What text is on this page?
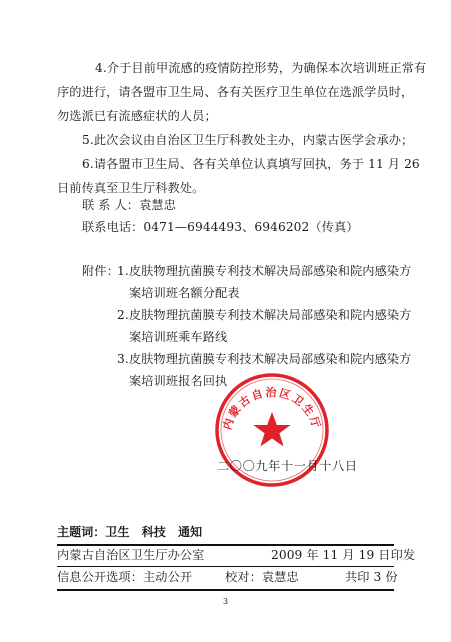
4.介于目前甲流感的疫情防控形势，为确保本次培训班正常有
序的进行，请各盟市卫生局、各有关医疗卫生单位在选派学员时，
勿选派已有流感症状的人员；
5.此次会议由自治区卫生厅科教处主办，内蒙古医学会承办；
6.请各盟市卫生局、各有关单位认真填写回执，务于 11 月 26
日前传真至卫生厅科教处。
联 系 人：袁慧忠
联系电话：0471—6944493、6946202（传真）
附件：
1.皮肤物理抗菌膜专利技术解决局部感染和院内感染方
案培训班名额分配表
2.皮肤物理抗菌膜专利技术解决局部感染和院内感染方
案培训班乘车路线
3.皮肤物理抗菌膜专利技术解决局部感染和院内感染方
案培训班报名回执
内蒙古自治区卫生厅
二〇〇九年十一月十八日
主题词：卫生　科技　通知
内蒙古自治区卫生厅办公室	2009 年 11 月 19 日印发
信息公开选项：主动公开	校对：袁慧忠	共印 3 份
3
